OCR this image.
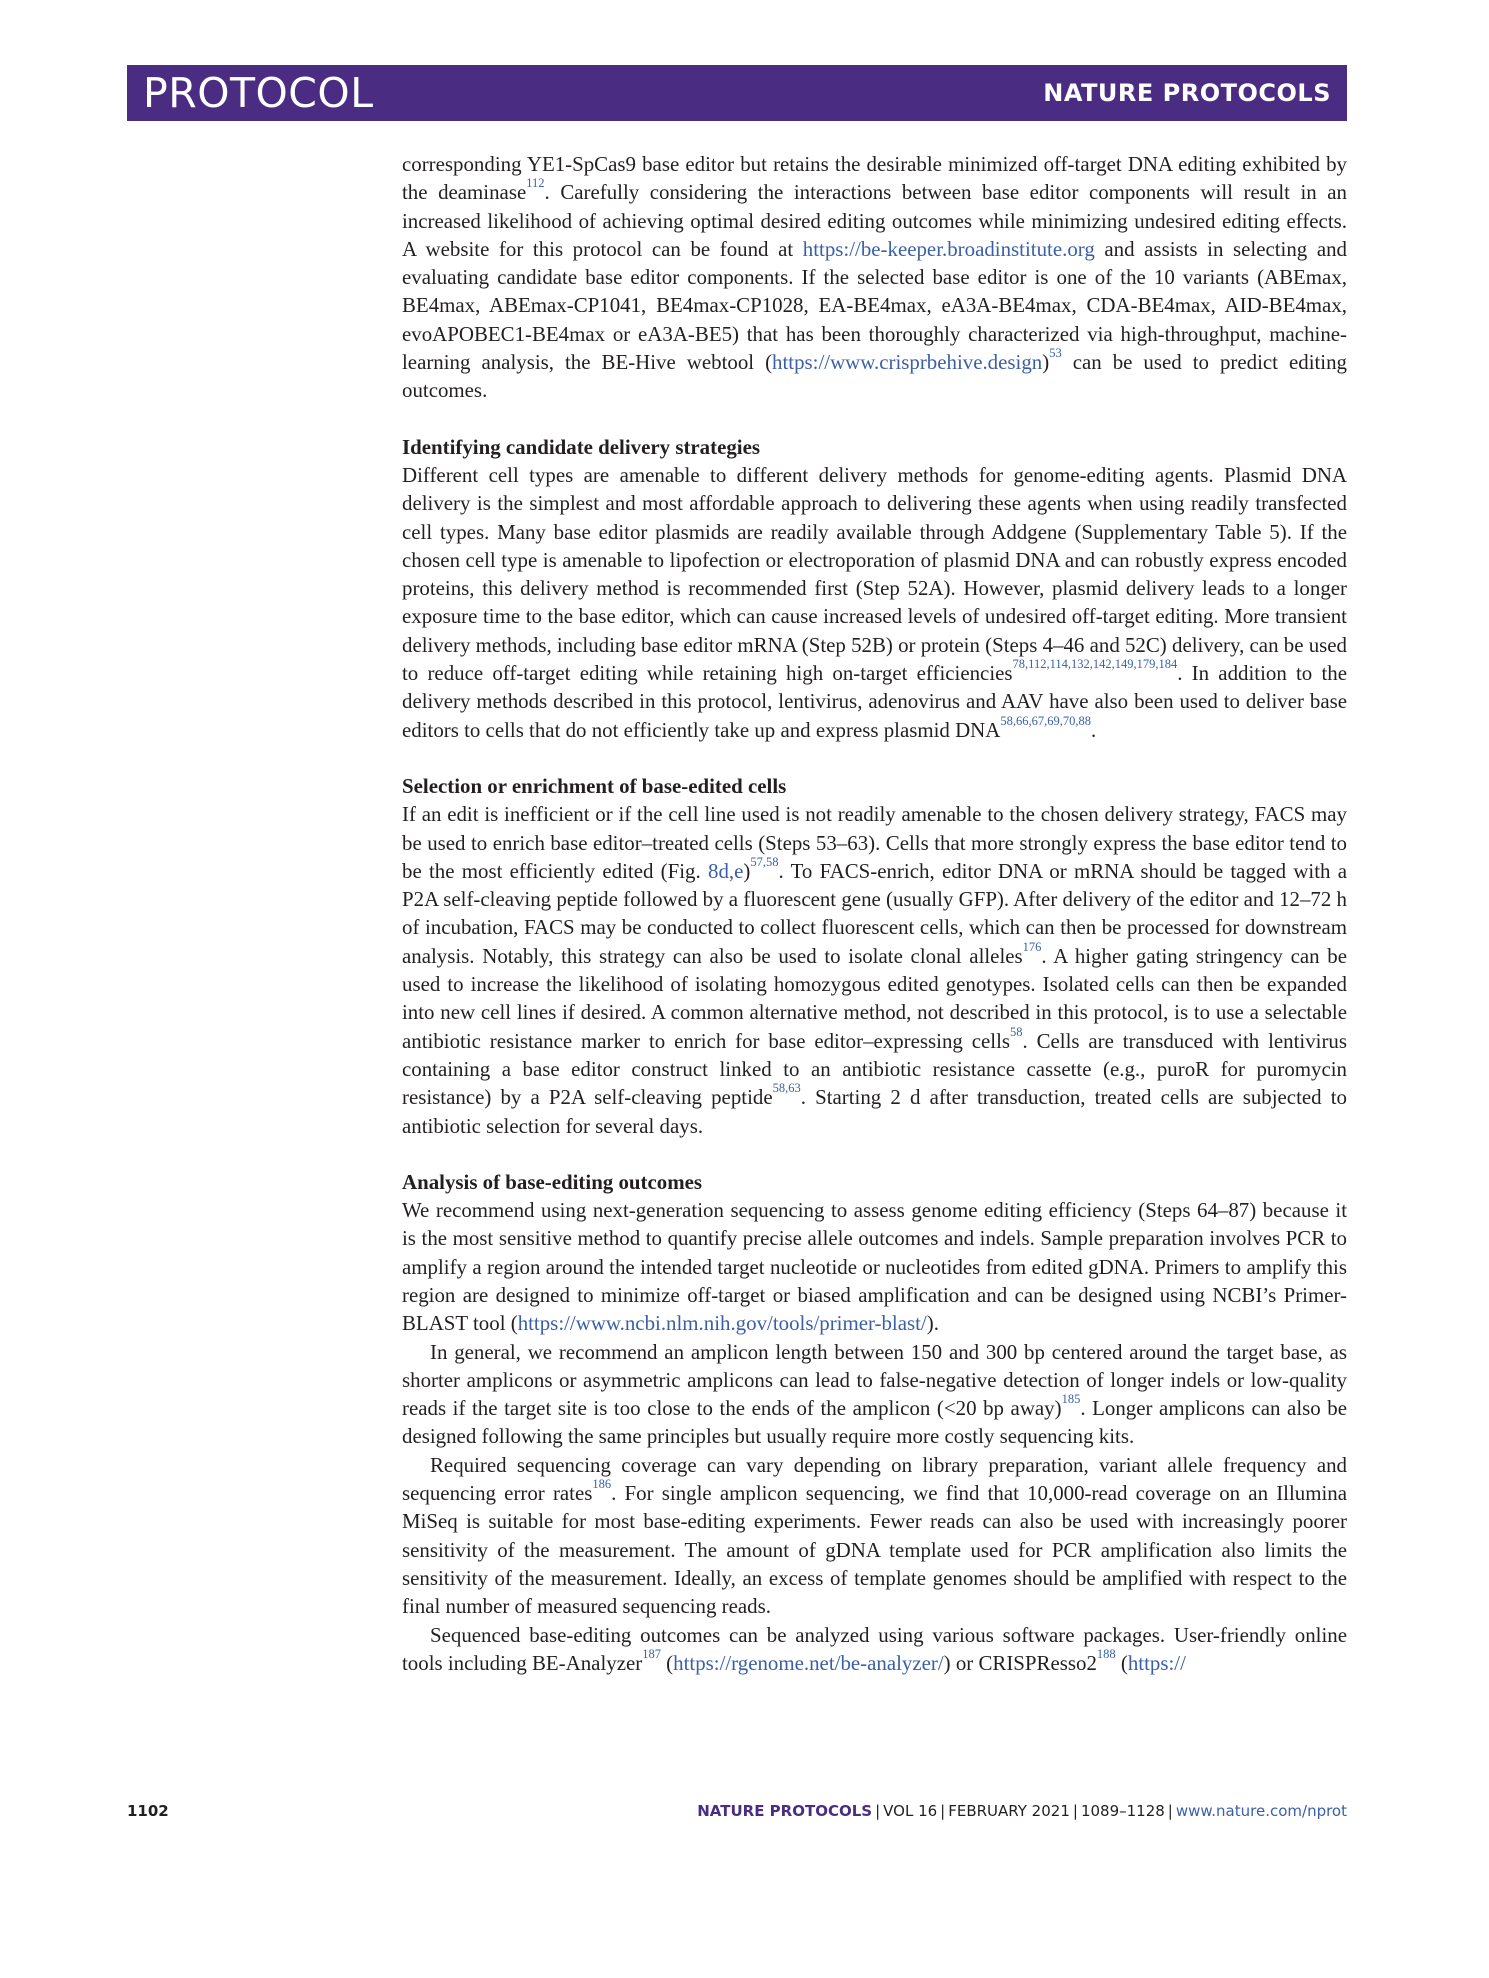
PROTOCOL	NATURE PROTOCOLS

corresponding YE1-SpCas9 base editor but retains the desirable minimized off-target DNA editing exhibited by the deaminase$^{112}$. Carefully considering the interactions between base editor components will result in an increased likelihood of achieving optimal desired editing outcomes while minimizing undesired editing effects. A website for this protocol can be found at https://be-keeper.broadinstitute.org and assists in selecting and evaluating candidate base editor components. If the selected base editor is one of the 10 variants (ABEmax, BE4max, ABEmax-CP1041, BE4max-CP1028, EA-BE4max, eA3A-BE4max, CDA-BE4max, AID-BE4max, evoAPOBEC1-BE4max or eA3A-BE5) that has been thoroughly characterized via high-throughput, machine-learning analysis, the BE-Hive webtool (https://www.crisprbehive.design)$^{53}$ can be used to predict editing outcomes.

Identifying candidate delivery strategies

Different cell types are amenable to different delivery methods for genome-editing agents. Plasmid DNA delivery is the simplest and most affordable approach to delivering these agents when using readily transfected cell types. Many base editor plasmids are readily available through Addgene (Supplementary Table 5). If the chosen cell type is amenable to lipofection or electroporation of plasmid DNA and can robustly express encoded proteins, this delivery method is recommended first (Step 52A). However, plasmid delivery leads to a longer exposure time to the base editor, which can cause increased levels of undesired off-target editing. More transient delivery methods, including base editor mRNA (Step 52B) or protein (Steps 4–46 and 52C) delivery, can be used to reduce off-target editing while retaining high on-target efficiencies$^{78,112,114,132,142,149,179,184}$. In addition to the delivery methods described in this protocol, lentivirus, adenovirus and AAV have also been used to deliver base editors to cells that do not efficiently take up and express plasmid DNA$^{58,66,67,69,70,88}$.

Selection or enrichment of base-edited cells

If an edit is inefficient or if the cell line used is not readily amenable to the chosen delivery strategy, FACS may be used to enrich base editor–treated cells (Steps 53–63). Cells that more strongly express the base editor tend to be the most efficiently edited (Fig. 8d,e)$^{57,58}$. To FACS-enrich, editor DNA or mRNA should be tagged with a P2A self-cleaving peptide followed by a fluorescent gene (usually GFP). After delivery of the editor and 12–72 h of incubation, FACS may be conducted to collect fluorescent cells, which can then be processed for downstream analysis. Notably, this strategy can also be used to isolate clonal alleles$^{176}$. A higher gating stringency can be used to increase the likelihood of isolating homozygous edited genotypes. Isolated cells can then be expanded into new cell lines if desired. A common alternative method, not described in this protocol, is to use a selectable antibiotic resistance marker to enrich for base editor–expressing cells$^{58}$. Cells are transduced with lentivirus containing a base editor construct linked to an antibiotic resistance cassette (e.g., puroR for puromycin resistance) by a P2A self-cleaving peptide$^{58,63}$. Starting 2 d after transduction, treated cells are subjected to antibiotic selection for several days.

Analysis of base-editing outcomes

We recommend using next-generation sequencing to assess genome editing efficiency (Steps 64–87) because it is the most sensitive method to quantify precise allele outcomes and indels. Sample preparation involves PCR to amplify a region around the intended target nucleotide or nucleotides from edited gDNA. Primers to amplify this region are designed to minimize off-target or biased amplification and can be designed using NCBI’s Primer-BLAST tool (https://www.ncbi.nlm.nih.gov/tools/primer-blast/).

In general, we recommend an amplicon length between 150 and 300 bp centered around the target base, as shorter amplicons or asymmetric amplicons can lead to false-negative detection of longer indels or low-quality reads if the target site is too close to the ends of the amplicon (<20 bp away)$^{185}$. Longer amplicons can also be designed following the same principles but usually require more costly sequencing kits.

Required sequencing coverage can vary depending on library preparation, variant allele frequency and sequencing error rates$^{186}$. For single amplicon sequencing, we find that 10,000-read coverage on an Illumina MiSeq is suitable for most base-editing experiments. Fewer reads can also be used with increasingly poorer sensitivity of the measurement. The amount of gDNA template used for PCR amplification also limits the sensitivity of the measurement. Ideally, an excess of template genomes should be amplified with respect to the final number of measured sequencing reads.

Sequenced base-editing outcomes can be analyzed using various software packages. User-friendly online tools including BE-Analyzer$^{187}$ (https://rgenome.net/be-analyzer/) or $CRISPResso2^{188}$ (https://

1102	NATURE PROTOCOLS | VOL 16 | FEBRUARY 2021 | 1089–1128 | www.nature.com/nprot
